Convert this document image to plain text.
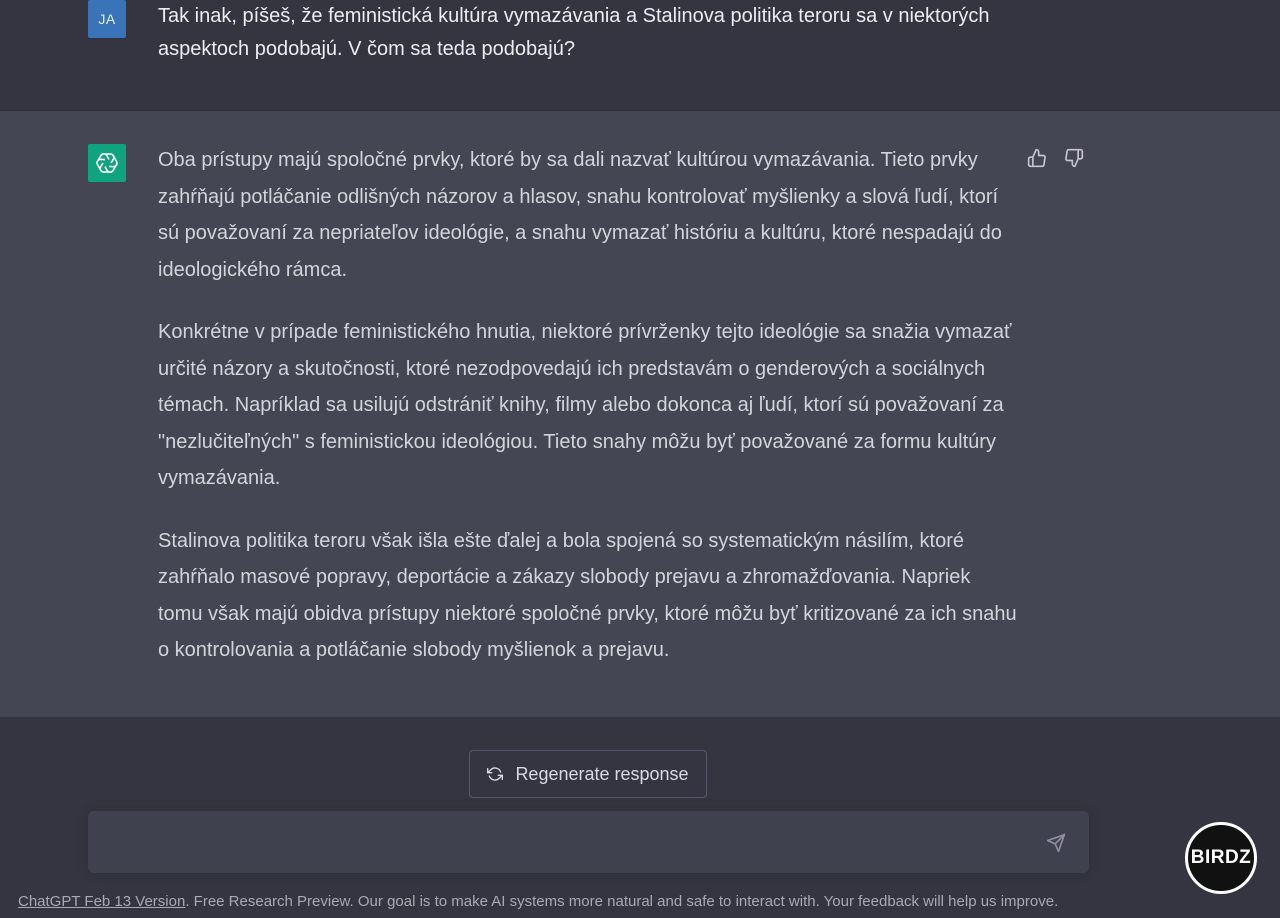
JA	Tak inak, píšeš, že feministická kultúra vymazávania a Stalinova politika teroru sa v niektorých aspektoch podobajú. V čom sa teda podobajú?

Oba prístupy majú spoločné prvky, ktoré by sa dali nazvať kultúrou vymazávania. Tieto prvky zahŕňajú potláčanie odlišných názorov a hlasov, snahu kontrolovať myšlienky a slová ľudí, ktorí sú považovaní za nepriateľov ideológie, a snahu vymazať históriu a kultúru, ktoré nespadajú do ideologického rámca.

Konkrétne v prípade feministického hnutia, niektoré prívrženky tejto ideológie sa snažia vymazať určité názory a skutočnosti, ktoré nezodpovedajú ich predstavám o genderových a sociálnych témach. Napríklad sa usilujú odstrániť knihy, filmy alebo dokonca aj ľudí, ktorí sú považovaní za "nezlučiteľných" s feministickou ideológiou. Tieto snahy môžu byť považované za formu kultúry vymazávania.

Stalinova politika teroru však išla ešte ďalej a bola spojená so systematickým násilím, ktoré zahŕňalo masové popravy, deportácie a zákazy slobody prejavu a zhromažďovania. Napriek tomu však majú obidva prístupy niektoré spoločné prvky, ktoré môžu byť kritizované za ich snahu o kontrolovania a potláčanie slobody myšlienok a prejavu.

Regenerate response
ChatGPT Feb 13 Version. Free Research Preview. Our goal is to make AI systems more natural and safe to interact with. Your feedback will help us improve.
BIRDZ
